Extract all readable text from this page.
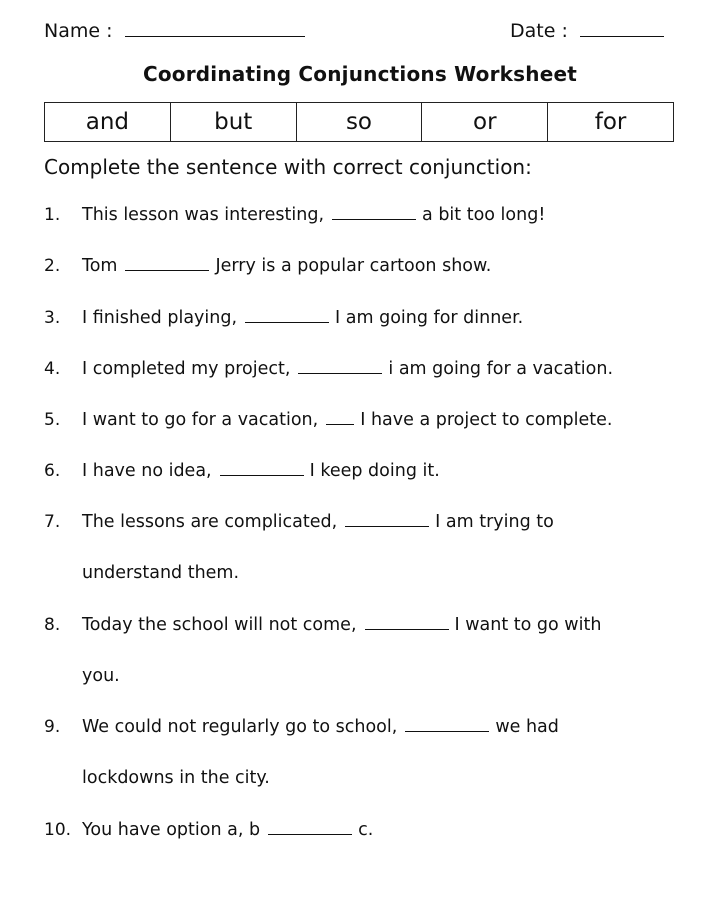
Name :	Date :
Coordinating Conjunctions Worksheet
and	but	so	or	for
Complete the sentence with correct conjunction:
1.	This lesson was interesting,	a bit too long!
2.	Tom	Jerry is a popular cartoon show.
3.	I finished playing,	I am going for dinner.
4.	I completed my project,	i am going for a vacation.
5.	I want to go for a vacation, I have a project to complete.
6.	I have no idea,	I keep doing it.
7.	The lessons are complicated,	I am trying to
understand them.
8.	Today the school will not come,	I want to go with
you.
9.	We could not regularly go to school,	we had
lockdowns in the city.
10. You have option a, b	c.
